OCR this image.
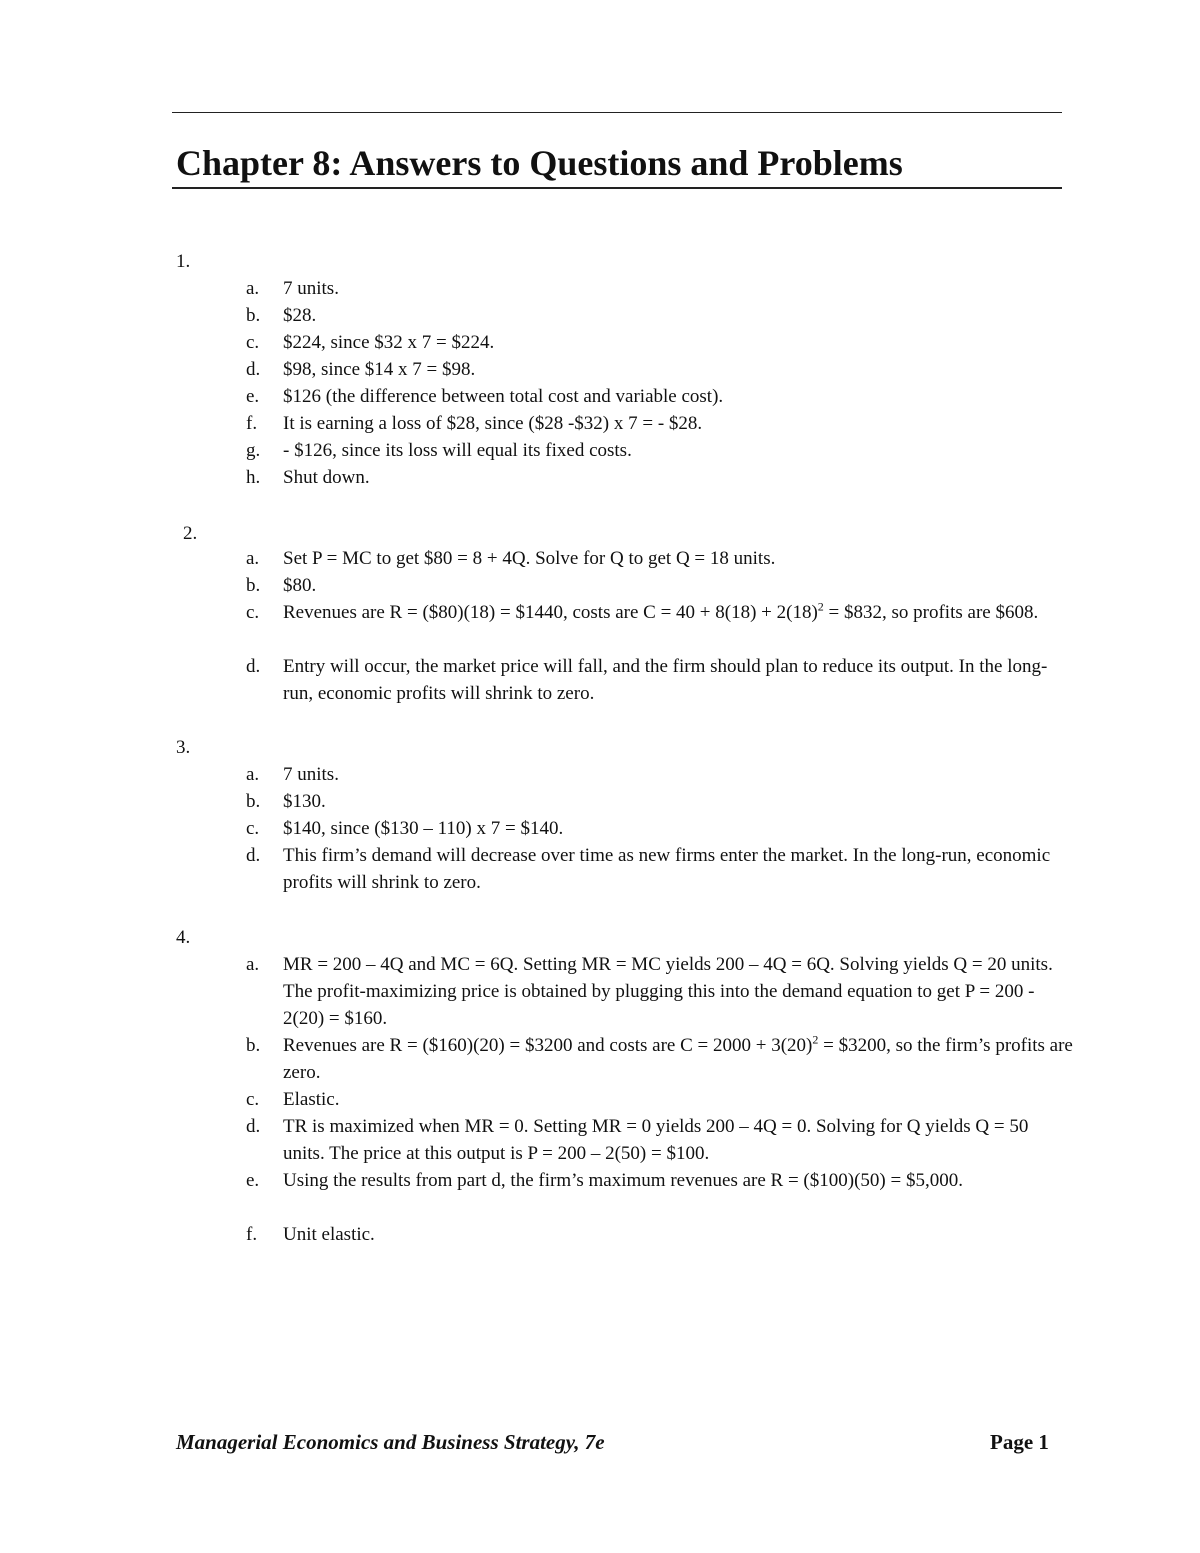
Chapter 8: Answers to Questions and Problems
1.
a. 7 units.
b. $28.
c. $224, since $32 x 7 = $224.
d. $98, since $14 x 7 = $98.
e. $126 (the difference between total cost and variable cost).
f. It is earning a loss of $28, since ($28 -$32) x 7 = - $28.
g. - $126, since its loss will equal its fixed costs.
h. Shut down.
2.
a. Set P = MC to get $80 = 8 + 4Q. Solve for Q to get Q = 18 units.
b. $80.
c. Revenues are R = ($80)(18) = $1440, costs are $C = 40 + 8(18) + 2(18)^2$ = $832, so profits are $608.
d. Entry will occur, the market price will fall, and the firm should plan to reduce its output. In the long-run, economic profits will shrink to zero.
3.
a. 7 units.
b. $130.
c. $140, since ($130 – 110) x 7 = $140.
d. This firm’s demand will decrease over time as new firms enter the market. In the long-run, economic profits will shrink to zero.
4.
a. MR = 200 – 4Q and MC = 6Q. Setting MR = MC yields 200 – 4Q = 6Q. Solving yields Q = 20 units. The profit-maximizing price is obtained by plugging this into the demand equation to get P = 200 - 2(20) = $160.
b. Revenues are R = ($160)(20) = $3200 and costs are $C = 2000 + 3(20)^2$ = $3200, so the firm’s profits are zero.
c. Elastic.
d. TR is maximized when MR = 0. Setting MR = 0 yields 200 – 4Q = 0. Solving for Q yields Q = 50 units. The price at this output is P = 200 – 2(50) = $100.
e. Using the results from part d, the firm’s maximum revenues are R = ($100)(50) = $5,000.
f. Unit elastic.
Managerial Economics and Business Strategy, 7e	Page 1
